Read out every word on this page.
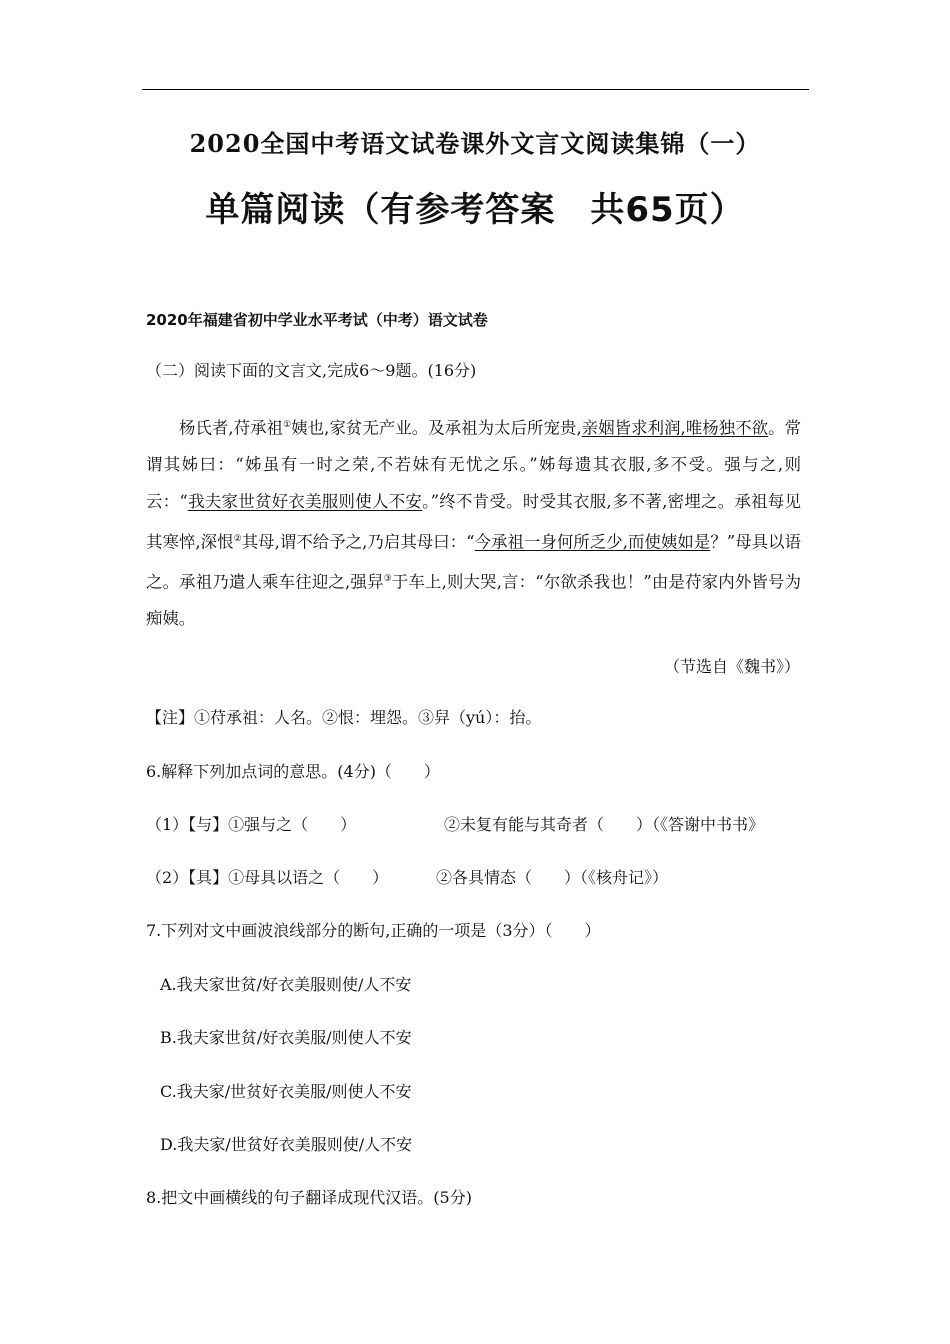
2020全国中考语文试卷课外文言文阅读集锦（一）
单篇阅读（有参考答案　共65页）
2020年福建省初中学业水平考试（中考）语文试卷
（二）阅读下面的文言文,完成6～9题。(16分)
杨氏者,苻承祖①姨也,家贫无产业。及承祖为太后所宠贵,亲姻皆求利润,唯杨独不欲。常谓其姊曰：“姊虽有一时之荣,不若妹有无忧之乐。”姊每遗其衣服,多不受。强与之,则云：“我夫家世贫好衣美服则使人不安。”终不肯受。时受其衣服,多不著,密埋之。承祖每见其寒悴,深恨②其母,谓不给予之,乃启其母曰：“今承祖一身何所乏少,而使姨如是？”母具以语之。承祖乃遣人乘车往迎之,强舁③于车上,则大哭,言：“尔欲杀我也！”由是苻家内外皆号为痴姨。
（节选自《魏书》）
【注】①苻承祖：人名。②恨：埋怨。③舁（yú）：抬。
6.解释下列加点词的意思。(4分)（　　）
（1）【与】①强与之（　　）	②未复有能与其奇者（　　）（《答谢中书书》
（2）【具】①母具以语之（　　）	②各具情态（　　）（《核舟记》）
7.下列对文中画波浪线部分的断句,正确的一项是（3分）（　　）
A.我夫家世贫/好衣美服则使/人不安
B.我夫家世贫/好衣美服/则使人不安
C.我夫家/世贫好衣美服/则使人不安
D.我夫家/世贫好衣美服则使/人不安
8.把文中画横线的句子翻译成现代汉语。(5分)
